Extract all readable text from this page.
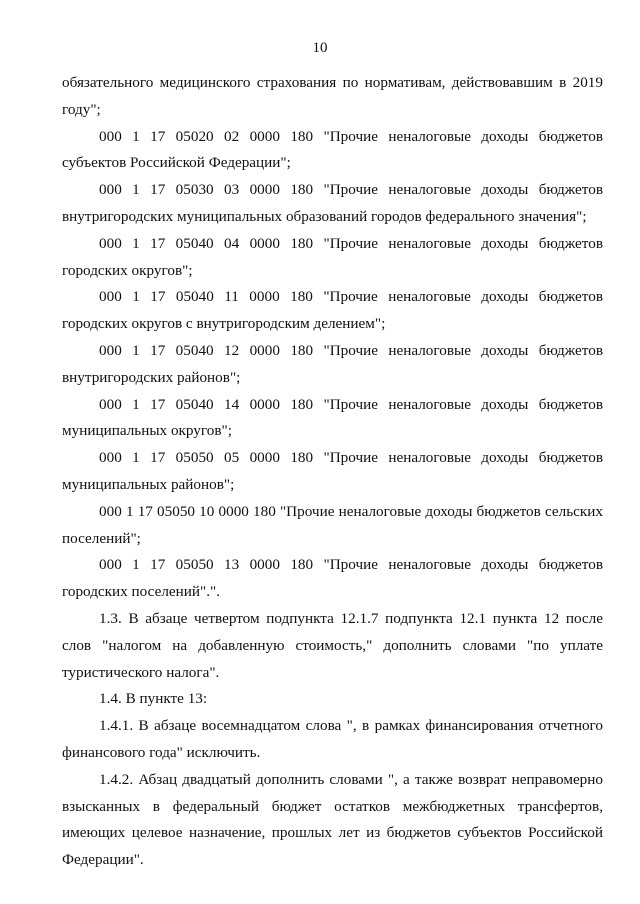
10

обязательного медицинского страхования по нормативам, действовавшим в 2019 году";

000 1 17 05020 02 0000 180 "Прочие неналоговые доходы бюджетов субъектов Российской Федерации";

000 1 17 05030 03 0000 180 "Прочие неналоговые доходы бюджетов внутригородских муниципальных образований городов федерального значения";

000 1 17 05040 04 0000 180 "Прочие неналоговые доходы бюджетов городских округов";

000 1 17 05040 11 0000 180 "Прочие неналоговые доходы бюджетов городских округов с внутригородским делением";

000 1 17 05040 12 0000 180 "Прочие неналоговые доходы бюджетов внутригородских районов";

000 1 17 05040 14 0000 180 "Прочие неналоговые доходы бюджетов муниципальных округов";

000 1 17 05050 05 0000 180 "Прочие неналоговые доходы бюджетов муниципальных районов";

000 1 17 05050 10 0000 180 "Прочие неналоговые доходы бюджетов сельских поселений";

000 1 17 05050 13 0000 180 "Прочие неналоговые доходы бюджетов городских поселений".".

1.3. В абзаце четвертом подпункта 12.1.7 подпункта 12.1 пункта 12 после слов "налогом на добавленную стоимость," дополнить словами "по уплате туристического налога".

1.4. В пункте 13:

1.4.1. В абзаце восемнадцатом слова ", в рамках финансирования отчетного финансового года" исключить.

1.4.2. Абзац двадцатый дополнить словами ", а также возврат неправомерно взысканных в федеральный бюджет остатков межбюджетных трансфертов, имеющих целевое назначение, прошлых лет из бюджетов субъектов Российской Федерации".
